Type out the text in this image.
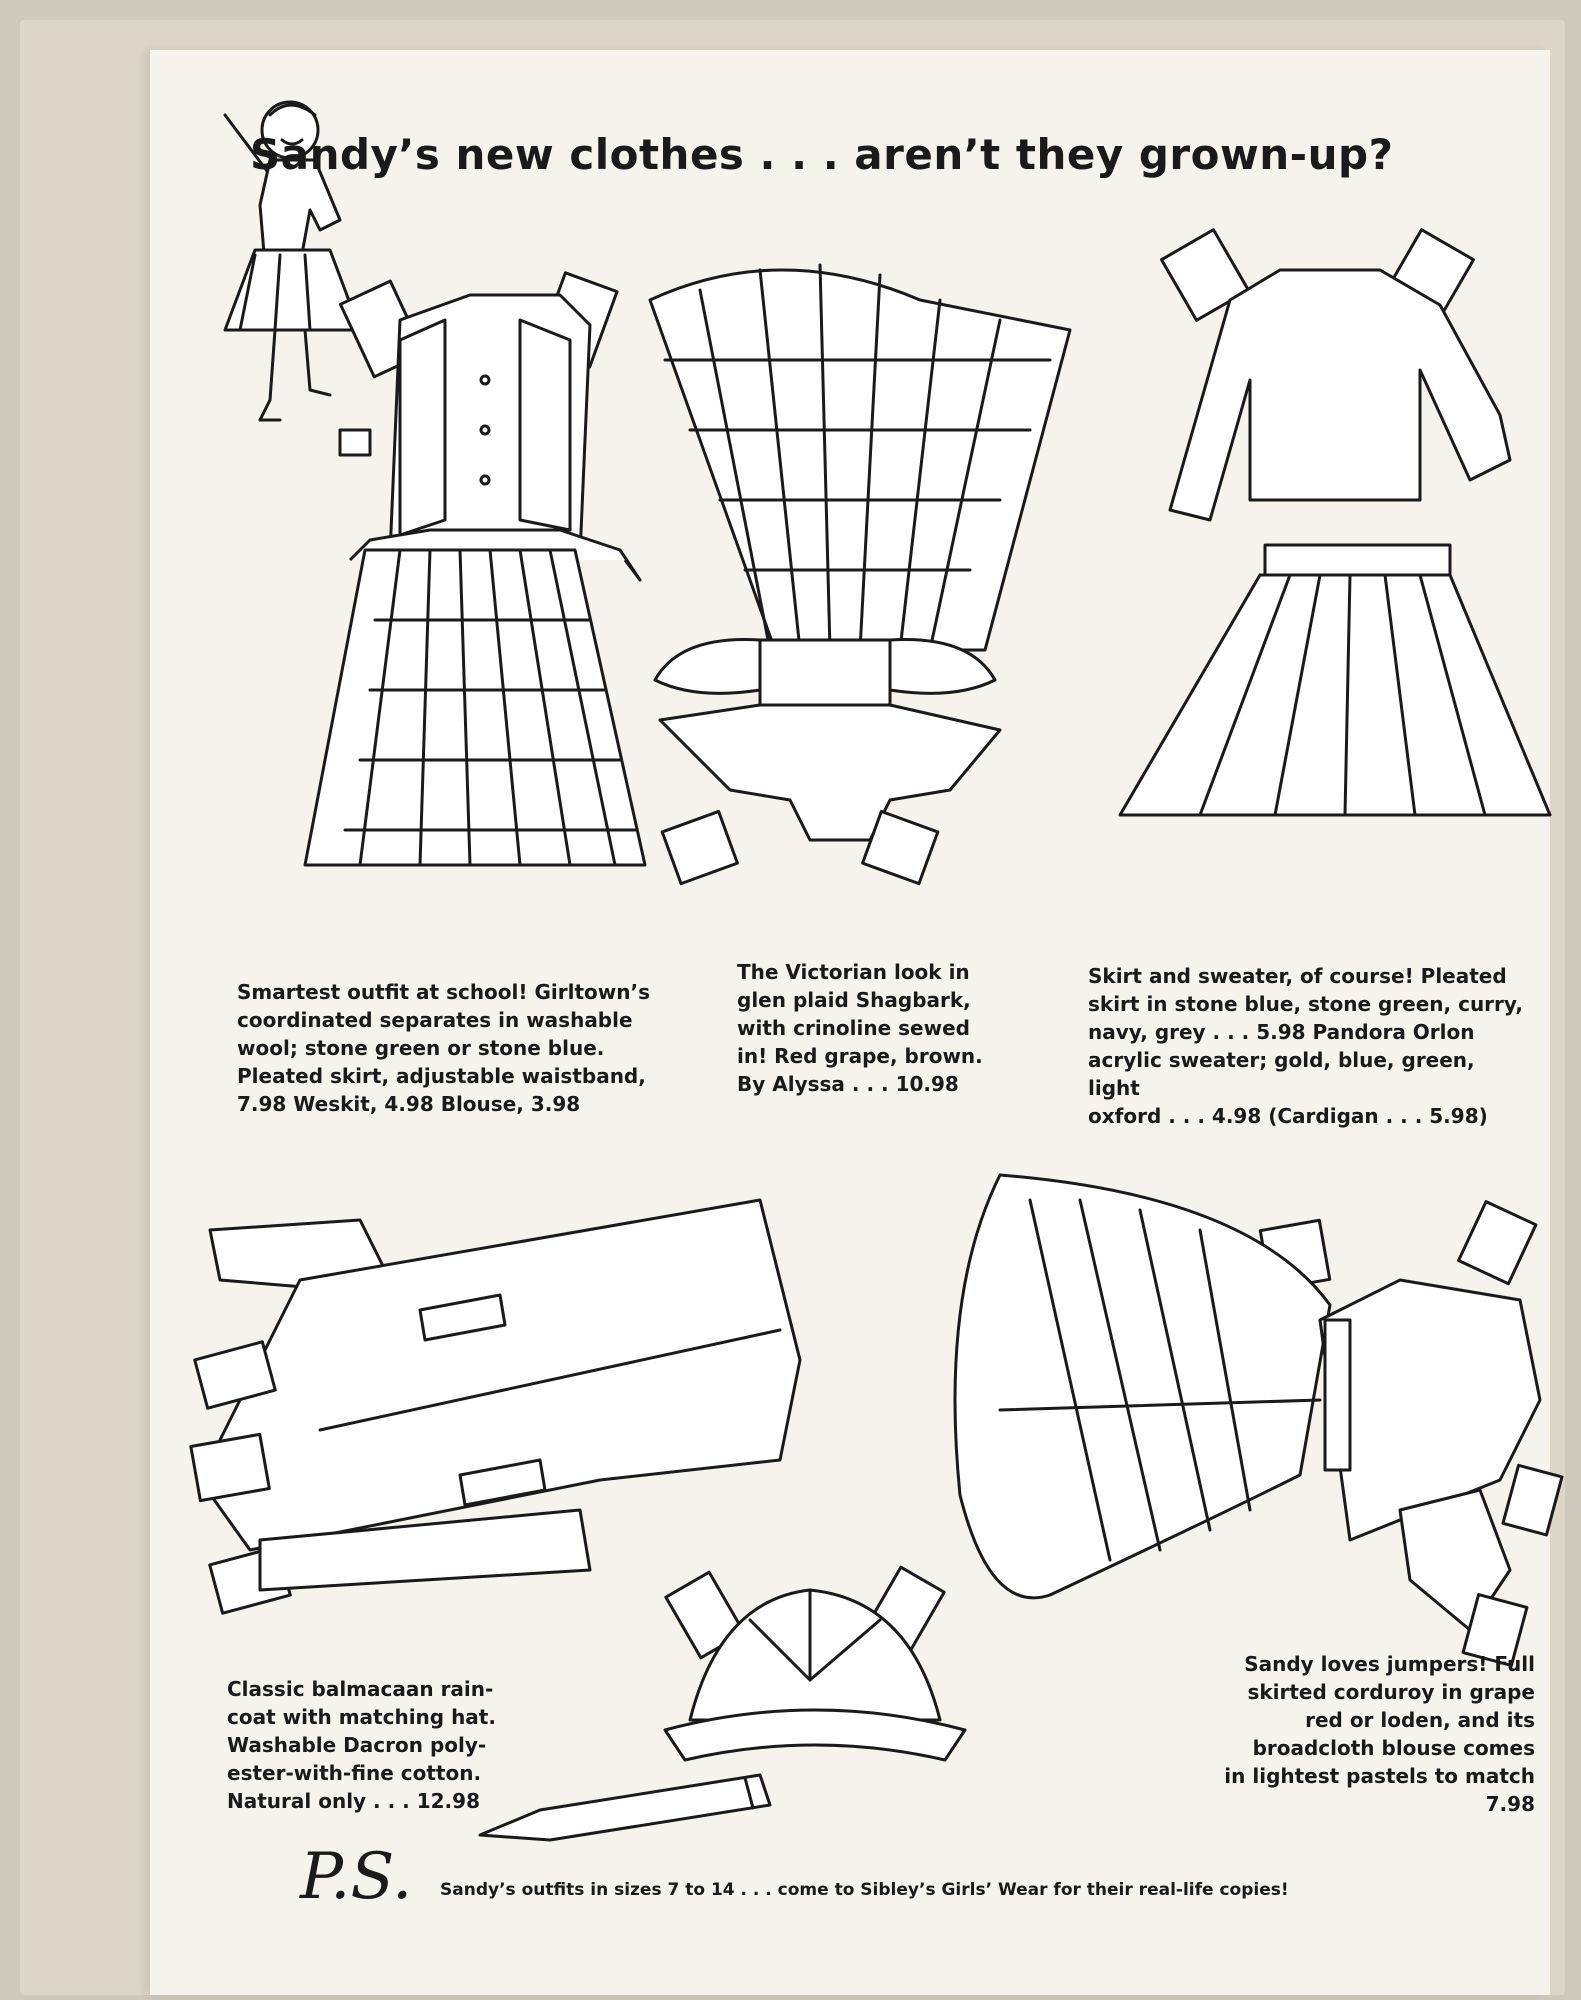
Sandy’s new clothes . . . aren’t they grown-up?
Smartest outfit at school! Girltown’s
coordinated separates in washable
wool; stone green or stone blue.
Pleated skirt, adjustable waistband,
7.98 Weskit, 4.98 Blouse, 3.98
The Victorian look in
glen plaid Shagbark,
with crinoline sewed
in! Red grape, brown.
By Alyssa . . . 10.98
Skirt and sweater, of course! Pleated
skirt in stone blue, stone green, curry,
navy, grey . . . 5.98 Pandora Orlon
acrylic sweater; gold, blue, green, light
oxford . . . 4.98 (Cardigan . . . 5.98)
Classic balmacaan rain-
coat with matching hat.
Washable Dacron poly-
ester-with-fine cotton.
Natural only . . . 12.98
Sandy loves jumpers! Full
skirted corduroy in grape
red or loden, and its
broadcloth blouse comes
in lightest pastels to match
7.98
P.S. Sandy’s outfits in sizes 7 to 14 . . . come to Sibley’s Girls’ Wear for their real-life copies!
